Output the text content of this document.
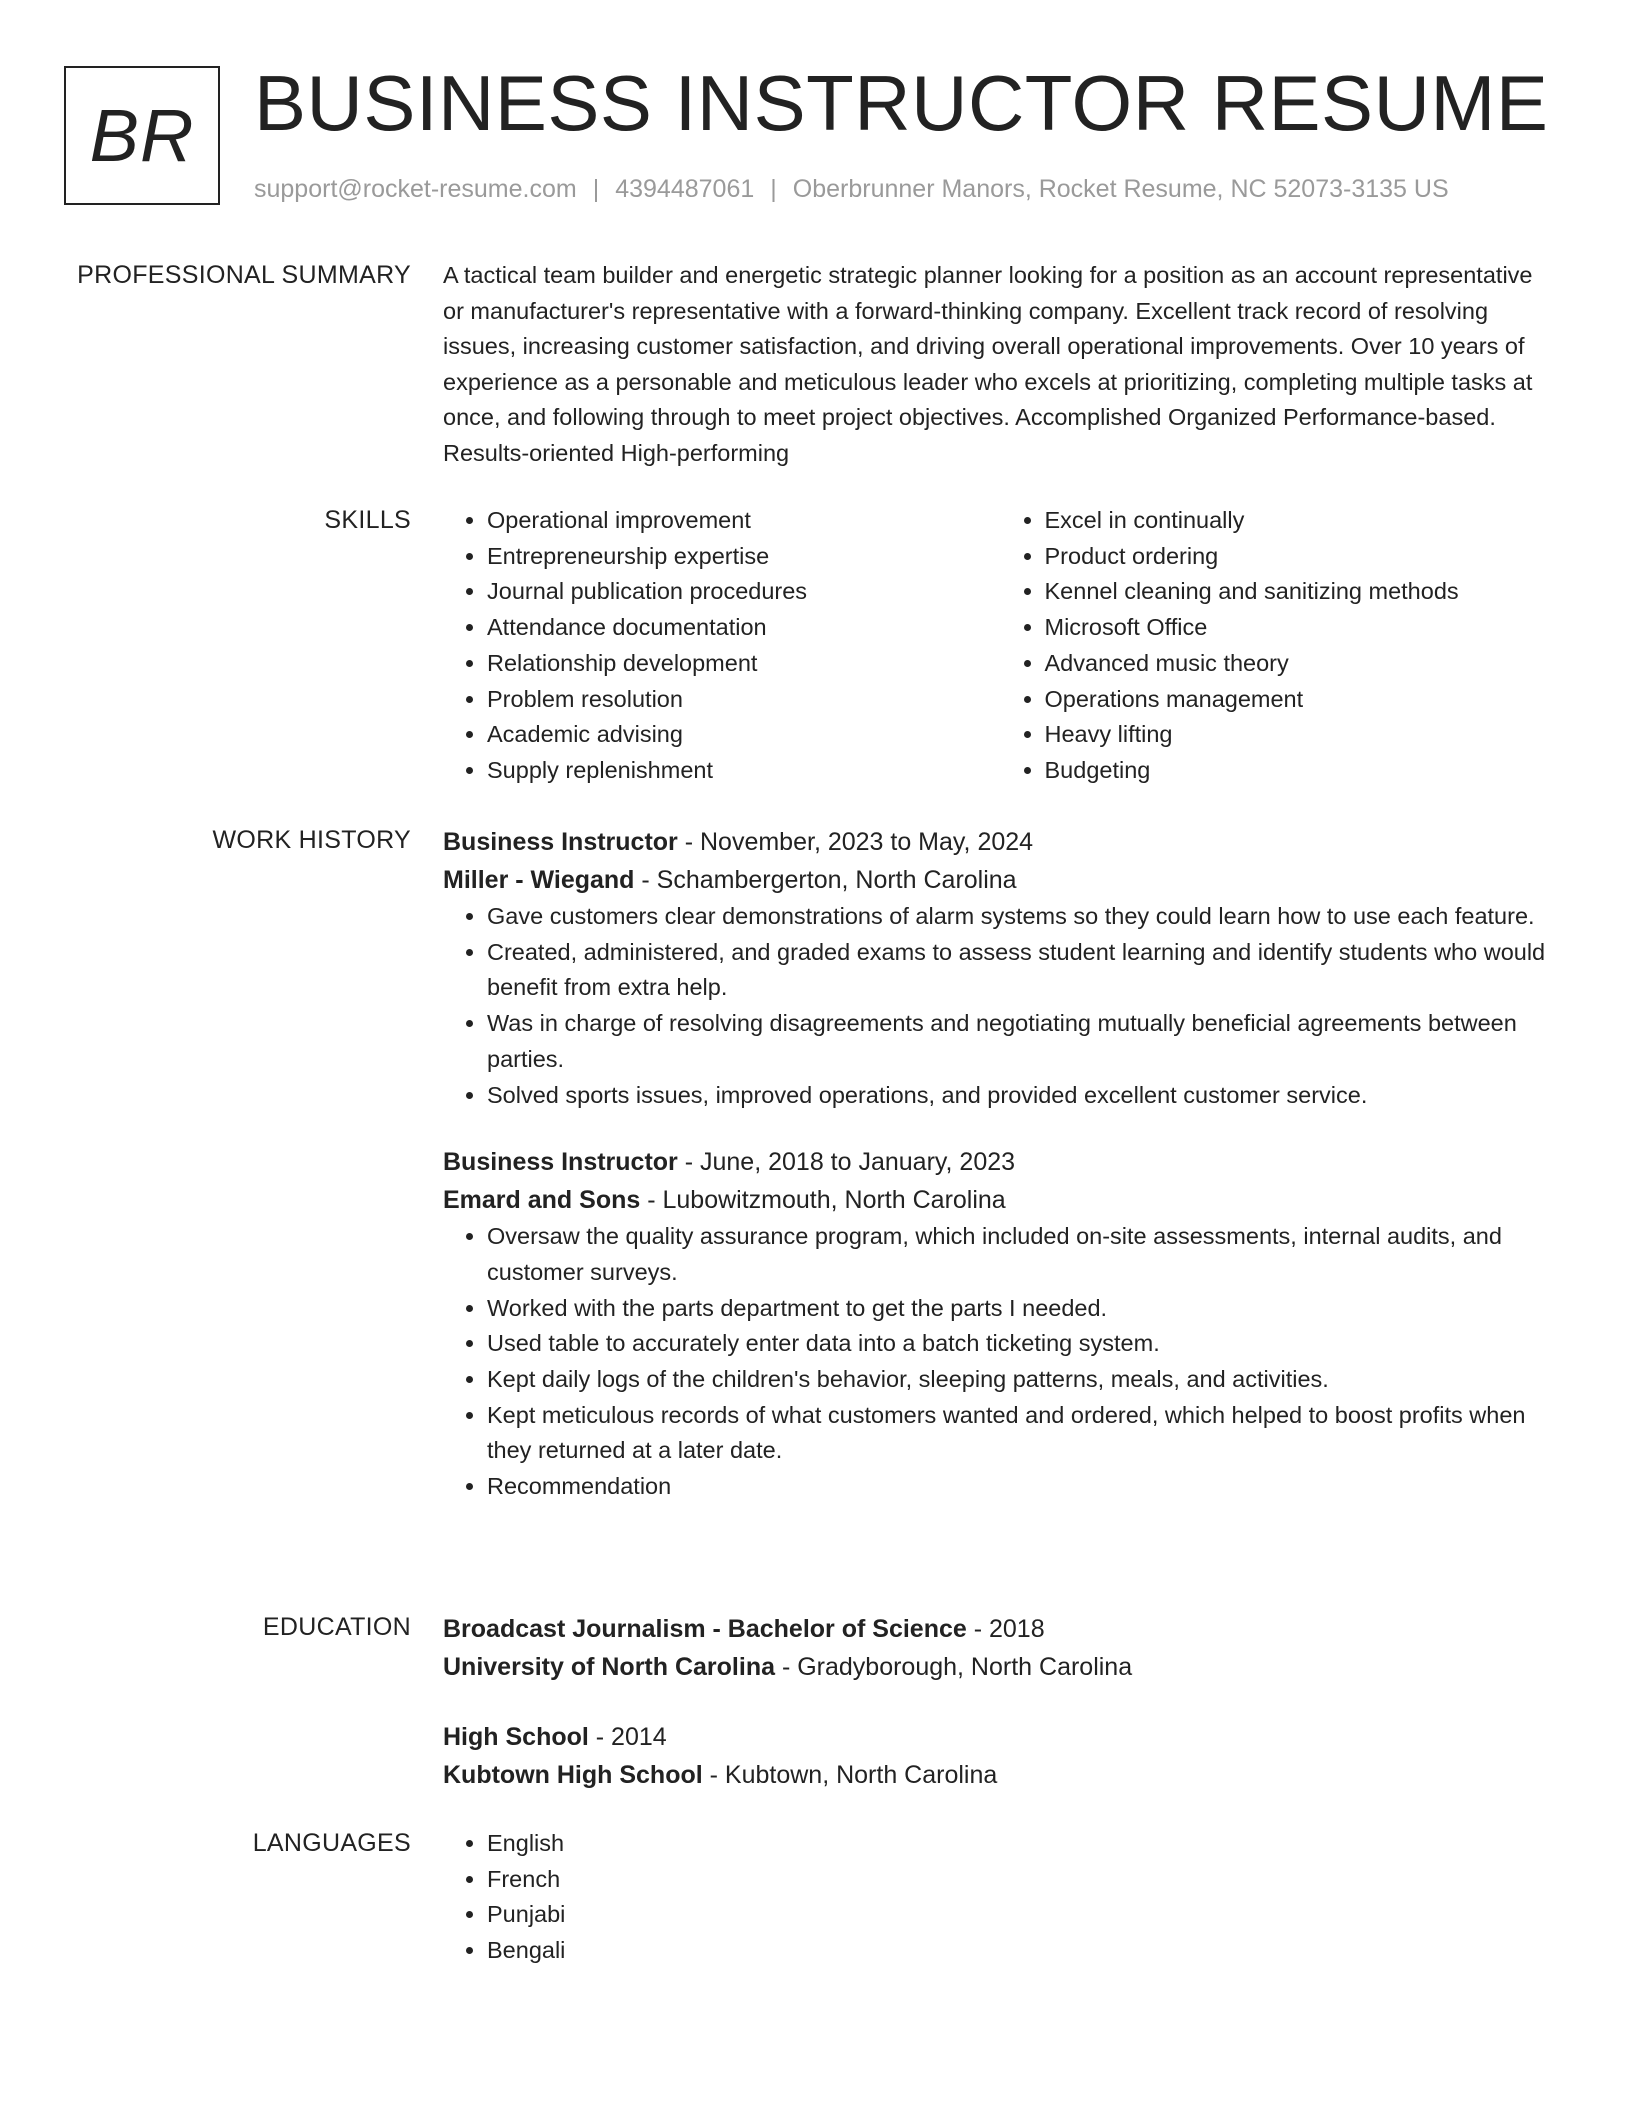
BR BUSINESS INSTRUCTOR RESUME
support@rocket-resume.com | 4394487061 | Oberbrunner Manors, Rocket Resume, NC 52073-3135 US
PROFESSIONAL SUMMARY A tactical team builder and energetic strategic planner looking for a position as an account representative or manufacturer's representative with a forward-thinking company. Excellent track record of resolving issues, increasing customer satisfaction, and driving overall operational improvements. Over 10 years of experience as a personable and meticulous leader who excels at prioritizing, completing multiple tasks at once, and following through to meet project objectives. Accomplished Organized Performance-based. Results-oriented High-performing

SKILLS	• Operational improvement
• Entrepreneurship expertise
• Journal publication procedures
• Attendance documentation
• Relationship development
• Problem resolution
• Academic advising
• Supply replenishment
• Excel in continually
• Product ordering
• Kennel cleaning and sanitizing methods
• Microsoft Office
• Advanced music theory
• Operations management
• Heavy lifting
• Budgeting
WORK HISTORY Business Instructor - November, 2023 to May, 2024
Miller - Wiegand - Schambergerton, North Carolina
• Gave customers clear demonstrations of alarm systems so they could learn how to use each feature.
• Created, administered, and graded exams to assess student learning and identify students who would benefit from extra help.
• Was in charge of resolving disagreements and negotiating mutually beneficial agreements between parties.
• Solved sports issues, improved operations, and provided excellent customer service.
Business Instructor - June, 2018 to January, 2023
Emard and Sons - Lubowitzmouth, North Carolina
• Oversaw the quality assurance program, which included on-site assessments, internal audits, and customer surveys.
• Worked with the parts department to get the parts I needed.
• Used table to accurately enter data into a batch ticketing system.
• Kept daily logs of the children's behavior, sleeping patterns, meals, and activities.
• Kept meticulous records of what customers wanted and ordered, which helped to boost profits when they returned at a later date.
• Recommendation
EDUCATION Broadcast Journalism - Bachelor of Science - 2018
University of North Carolina - Gradyborough, North Carolina
High School - 2014
Kubtown High School - Kubtown, North Carolina
LANGUAGES	• English
• French
• Punjabi
• Bengali
